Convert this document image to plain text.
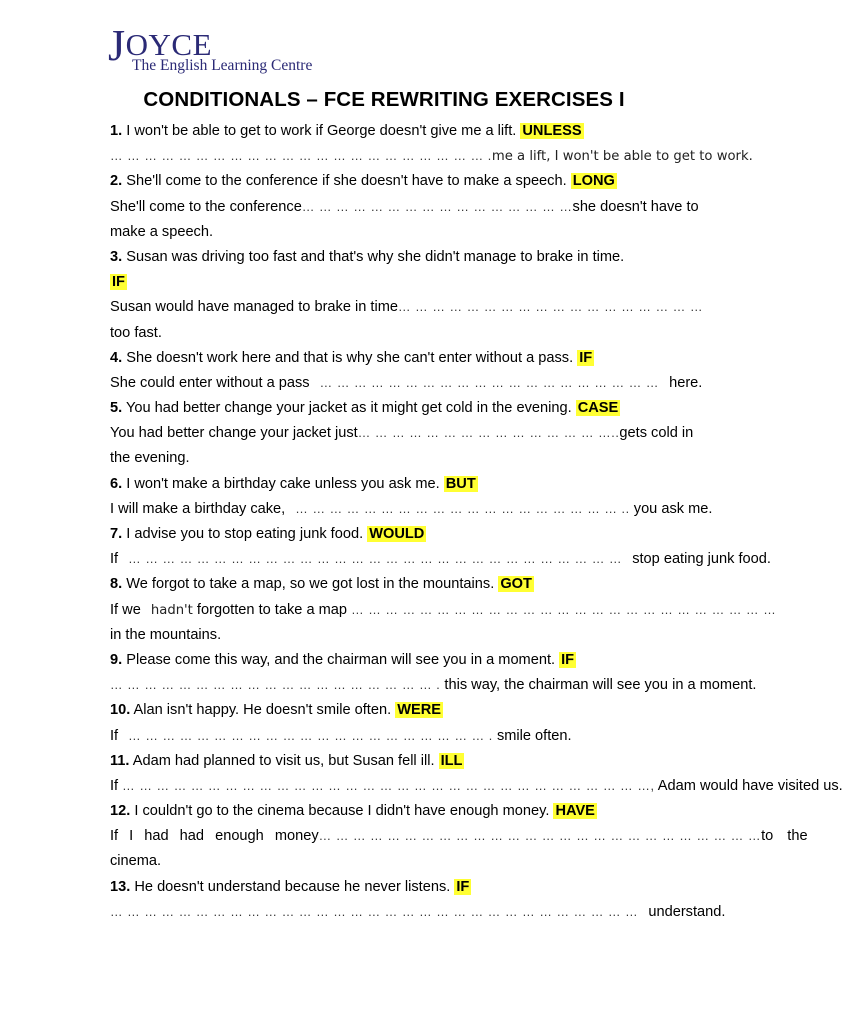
JOYCE
The English Learning Centre
CONDITIONALS – FCE REWRITING EXERCISES I
1. I won't be able to get to work if George doesn't give me a lift. UNLESS
… … … … … … … … … … … … … … … … … … … … … … .me a lift, I won't be able to get to work.
2. She'll come to the conference if she doesn't have to make a speech. LONG
She'll come to the conference … … … … … … … … … … … … … … … … she doesn't have to
make a speech.
3. Susan was driving too fast and that's why she didn't manage to brake in time.
IF
Susan would have managed to brake in time … … … … … … … … … … … … … … … … … …
too fast.
4. She doesn't work here and that is why she can't enter without a pass. IF
She could enter without a pass … … … … … … … … … … … … … … … … … … … … here.
5. You had better change your jacket as it might get cold in the evening. CASE
You had better change your jacket just … … … … … … … … … … … … … … ….. gets cold in
the evening.
6. I won't make a birthday cake unless you ask me. BUT
I will make a birthday cake, … … … … … … … … … … … … … … … … … … … .. you ask me.
7. I advise you to stop eating junk food. WOULD
If … … … … … … … … … … … … … … … … … … … … … … … … … … … … … stop eating junk food.
8. We forgot to take a map, so we got lost in the mountains. GOT
If we hadn't forgotten to take a map … … … … … … … … … … … … … … … … … … … … … … … … …
in the mountains.
9. Please come this way, and the chairman will see you in a moment. IF
… … … … … … … … … … … … … … … … … … … . this way, the chairman will see you in a moment.
10. Alan isn't happy. He doesn't smile often. WERE
If … … … … … … … … … … … … … … … … … … … … … . smile often.
11. Adam had planned to visit us, but Susan fell ill. ILL
If … … … … … … … … … … … … … … … … … … … … … … … … … … … … … … …, Adam would have visited us.
12. I couldn't go to the cinema because I didn't have enough money. HAVE
If I had had enough money … … … … … … … … … … … … … … … … … … … … … … … … … … to the
cinema.
13. He doesn't understand because he never listens. IF
… … … … … … … … … … … … … … … … … … … … … … … … … … … … … … … understand.
